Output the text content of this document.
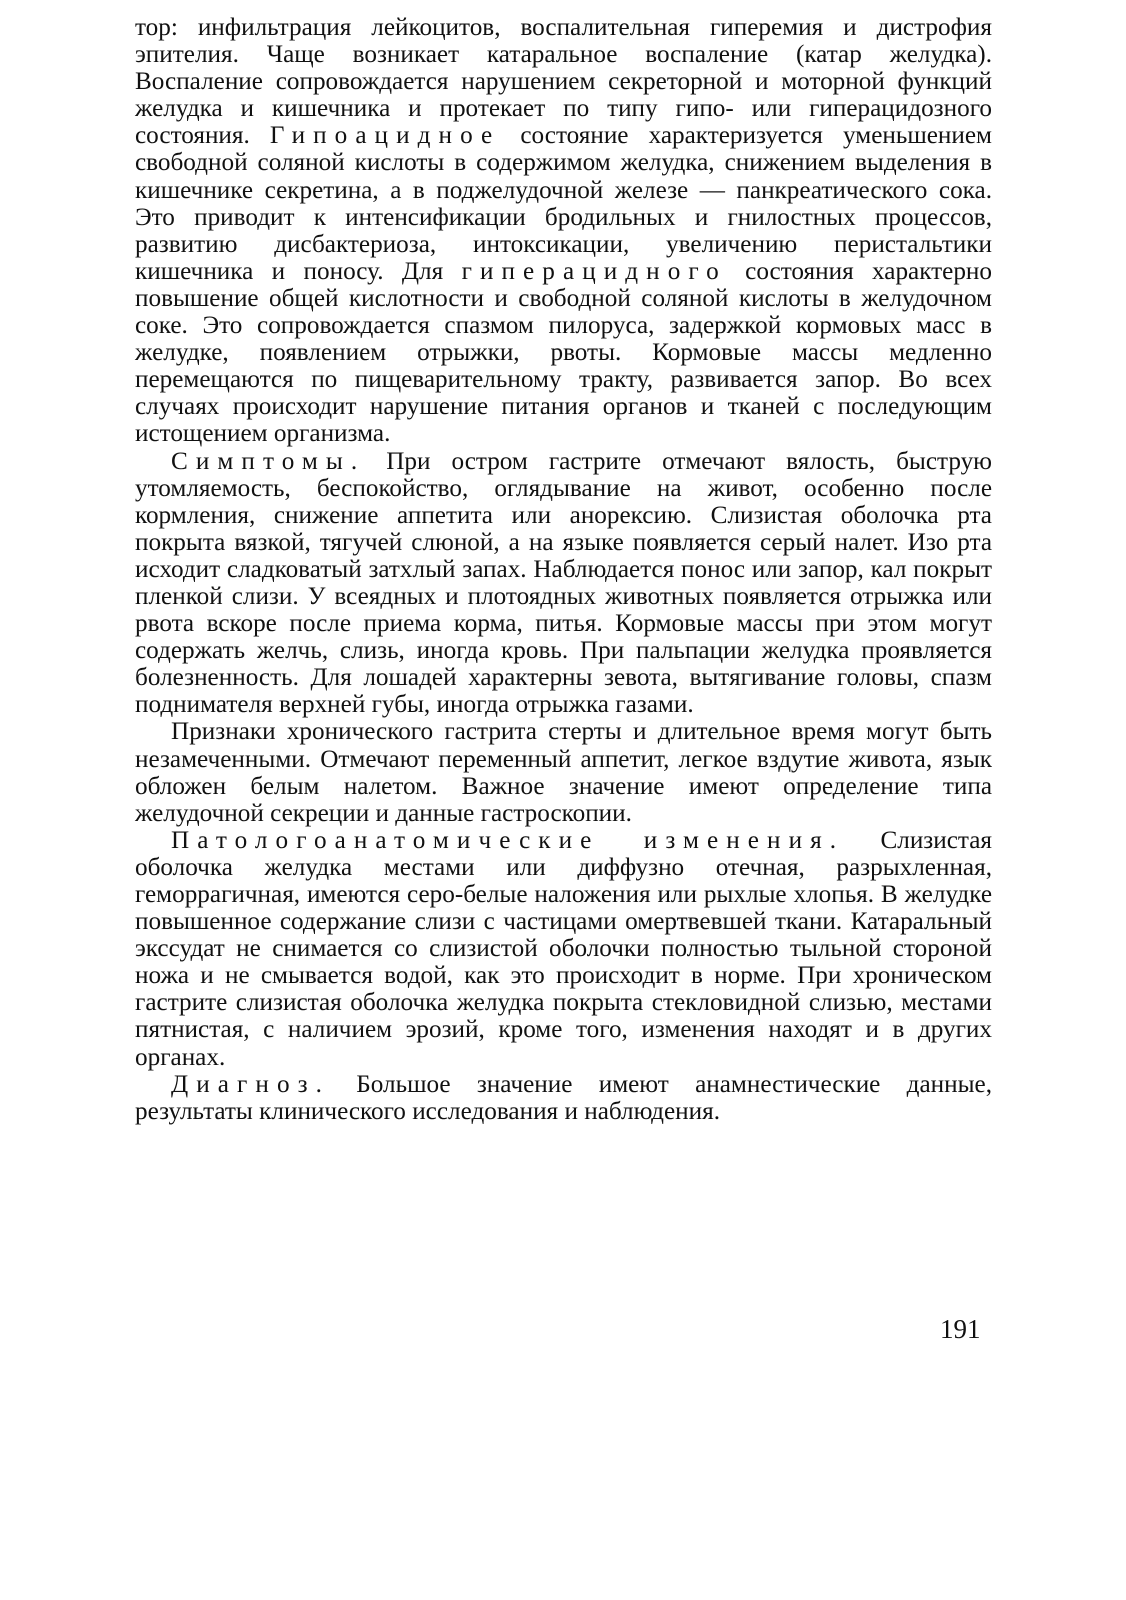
тор: инфильтрация лейкоцитов, воспалительная гиперемия и дистрофия эпителия. Чаще возникает катаральное воспаление (катар желудка). Воспаление сопровождается нарушением секреторной и моторной функций желудка и кишечника и протекает по типу гипо- или гиперацидозного состояния. Гипоацидное состояние характеризуется уменьшением свободной соляной кислоты в содержимом желудка, снижением выделения в кишечнике секретина, а в поджелудочной железе — панкреатического сока. Это приводит к интенсификации бродильных и гнилостных процессов, развитию дисбактериоза, интоксикации, увеличению перистальтики кишечника и поносу. Для гиперацидного состояния характерно повышение общей кислотности и свободной соляной кислоты в желудочном соке. Это сопровождается спазмом пилоруса, задержкой кормовых масс в желудке, появлением отрыжки, рвоты. Кормовые массы медленно перемещаются по пищеварительному тракту, развивается запор. Во всех случаях происходит нарушение питания органов и тканей с последующим истощением организма.

Симптомы. При остром гастрите отмечают вялость, быструю утомляемость, беспокойство, оглядывание на живот, особенно после кормления, снижение аппетита или анорексию. Слизистая оболочка рта покрыта вязкой, тягучей слюной, а на языке появляется серый налет. Изо рта исходит сладковатый затхлый запах. Наблюдается понос или запор, кал покрыт пленкой слизи. У всеядных и плотоядных животных появляется отрыжка или рвота вскоре после приема корма, питья. Кормовые массы при этом могут содержать желчь, слизь, иногда кровь. При пальпации желудка проявляется болезненность. Для лошадей характерны зевота, вытягивание головы, спазм поднимателя верхней губы, иногда отрыжка газами.

Признаки хронического гастрита стерты и длительное время могут быть незамеченными. Отмечают переменный аппетит, легкое вздутие живота, язык обложен белым налетом. Важное значение имеют определение типа желудочной секреции и данные гастроскопии.

Патологоанатомические изменения. Слизистая оболочка желудка местами или диффузно отечная, разрыхленная, геморрагичная, имеются серо-белые наложения или рыхлые хлопья. В желудке повышенное содержание слизи с частицами омертвевшей ткани. Катаральный экссудат не снимается со слизистой оболочки полностью тыльной стороной ножа и не смывается водой, как это происходит в норме. При хроническом гастрите слизистая оболочка желудка покрыта стекловидной слизью, местами пятнистая, с наличием эрозий, кроме того, изменения находят и в других органах.

Диагноз. Большое значение имеют анамнестические данные, результаты клинического исследования и наблюдения.

191
